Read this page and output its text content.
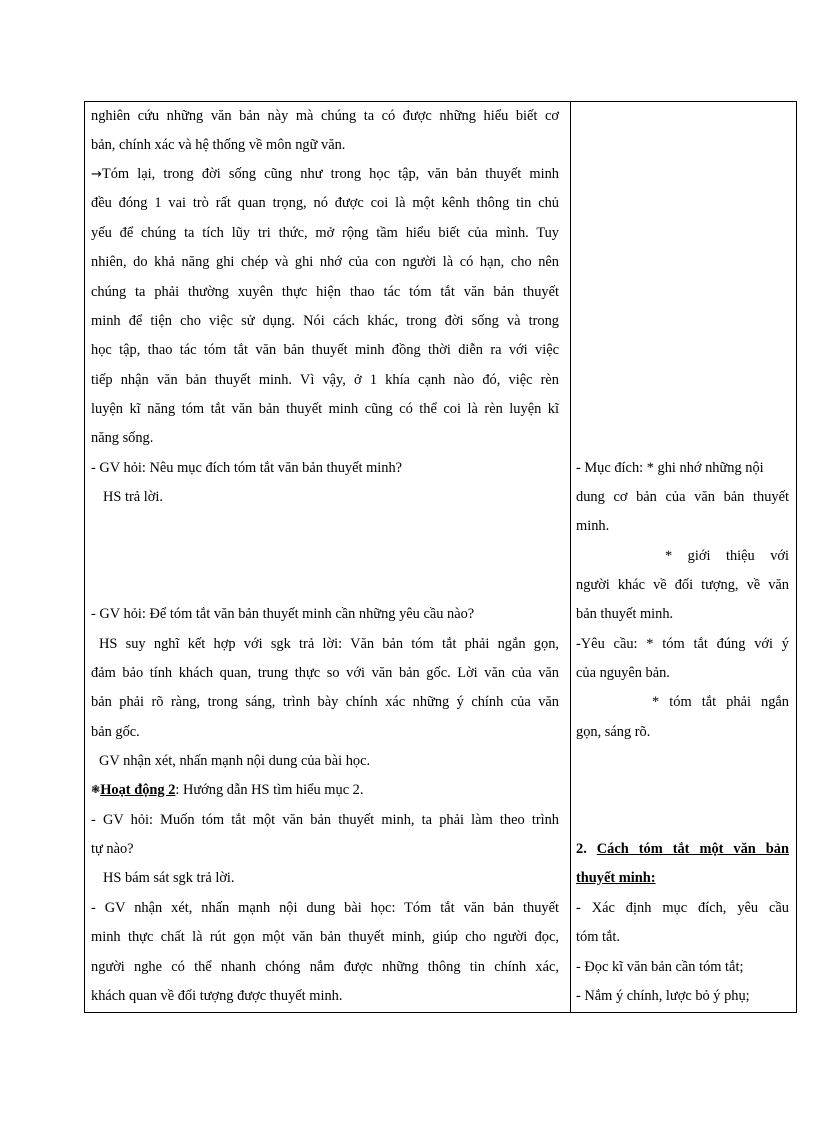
nghiên cứu những văn bản này mà chúng ta có được những hiểu biết cơ
bản, chính xác và hệ thống về môn ngữ văn.
→Tóm lại, trong đời sống cũng như trong học tập, văn bản thuyết minh
đều đóng 1 vai trò rất quan trọng, nó được coi là một kênh thông tin chủ
yếu để chúng ta tích lũy tri thức, mở rộng tầm hiểu biết của mình. Tuy
nhiên, do khả năng ghi chép và ghi nhớ của con người là có hạn, cho nên
chúng ta phải thường xuyên thực hiện thao tác tóm tắt văn bản thuyết
minh để tiện cho việc sử dụng. Nói cách khác, trong đời sống và trong
học tập, thao tác tóm tắt văn bản thuyết minh đồng thời diễn ra với việc
tiếp nhận văn bản thuyết minh. Vì vậy, ở 1 khía cạnh nào đó, việc rèn
luyện kĩ năng tóm tắt văn bản thuyết minh cũng có thể coi là rèn luyện kĩ
năng sống.
- GV hỏi: Nêu mục đích tóm tắt văn bản thuyết minh?
HS trả lời.
- GV hỏi: Để tóm tắt văn bản thuyết minh cần những yêu cầu nào?
HS suy nghĩ kết hợp với sgk trả lời: Văn bản tóm tắt phải ngắn gọn,
đảm bảo tính khách quan, trung thực so với văn bản gốc. Lời văn của văn
bản phải rõ ràng, trong sáng, trình bày chính xác những ý chính của văn
bản gốc.
GV nhận xét, nhấn mạnh nội dung của bài học.
❃Hoạt động 2: Hướng dẫn HS tìm hiểu mục 2.
- GV hỏi: Muốn tóm tắt một văn bản thuyết minh, ta phải làm theo trình
tự nào?
HS bám sát sgk trả lời.
- GV nhận xét, nhấn mạnh nội dung bài học: Tóm tắt văn bản thuyết
minh thực chất là rút gọn một văn bản thuyết minh, giúp cho người đọc,
người nghe có thể nhanh chóng nắm được những thông tin chính xác,
khách quan về đối tượng được thuyết minh.
- Mục đích: * ghi nhớ những nội
dung cơ bản của văn bản thuyết
minh.
* giới thiệu với
người khác về đối tượng, về văn
bản thuyết minh.
-Yêu cầu: * tóm tắt đúng với ý
của nguyên bản.
* tóm tắt phải ngắn
gọn, sáng rõ.
2. Cách tóm tắt một văn bản
thuyết minh:
- Xác định mục đích, yêu cầu
tóm tắt.
- Đọc kĩ văn bản cần tóm tắt;
- Nắm ý chính, lược bỏ ý phụ;
